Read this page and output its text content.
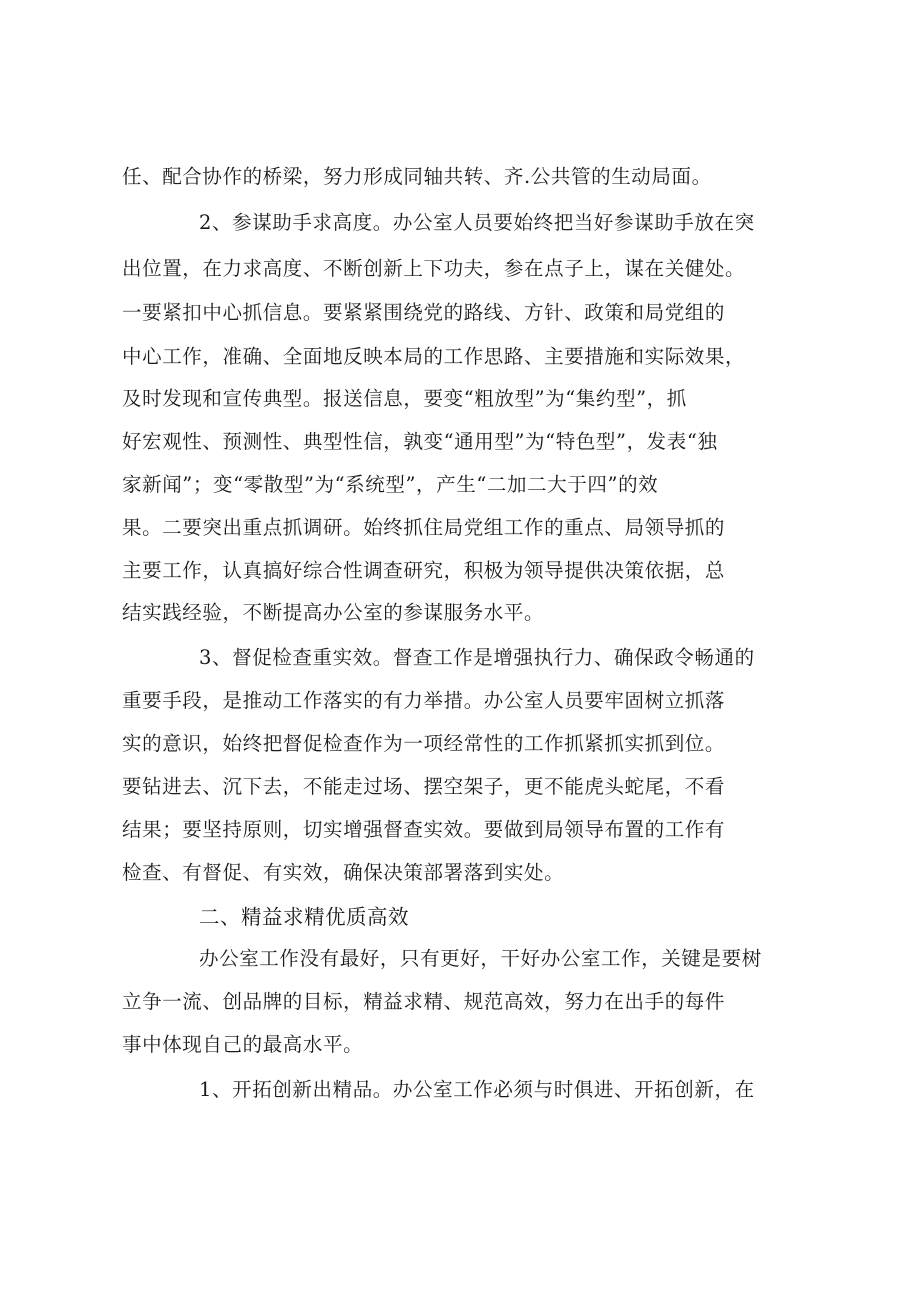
任、配合协作的桥梁，努力形成同轴共转、齐.公共管的生动局面。
2、参谋助手求高度。办公室人员要始终把当好参谋助手放在突
出位置，在力求高度、不断创新上下功夫，参在点子上，谋在关健处。
一要紧扣中心抓信息。要紧紧围绕党的路线、方针、政策和局党组的
中心工作，准确、全面地反映本局的工作思路、主要措施和实际效果，
及时发现和宣传典型。报送信息，要变“粗放型”为“集约型”，抓
好宏观性、预测性、典型性信，孰变“通用型”为“特色型”，发表“独
家新闻”；变“零散型”为“系统型”，产生“二加二大于四”的效
果。二要突出重点抓调研。始终抓住局党组工作的重点、局领导抓的
主要工作，认真搞好综合性调查研究，积极为领导提供决策依据，总
结实践经验，不断提高办公室的参谋服务水平。
3、督促检查重实效。督查工作是增强执行力、确保政令畅通的
重要手段，是推动工作落实的有力举措。办公室人员要牢固树立抓落
实的意识，始终把督促检查作为一项经常性的工作抓紧抓实抓到位。
要钻进去、沉下去，不能走过场、摆空架子，更不能虎头蛇尾，不看
结果；要坚持原则，切实增强督查实效。要做到局领导布置的工作有
检查、有督促、有实效，确保决策部署落到实处。
二、精益求精优质高效
办公室工作没有最好，只有更好，干好办公室工作，关键是要树
立争一流、创品牌的目标，精益求精、规范高效，努力在出手的每件
事中体现自己的最高水平。
1、开拓创新出精品。办公室工作必须与时俱进、开拓创新，在
